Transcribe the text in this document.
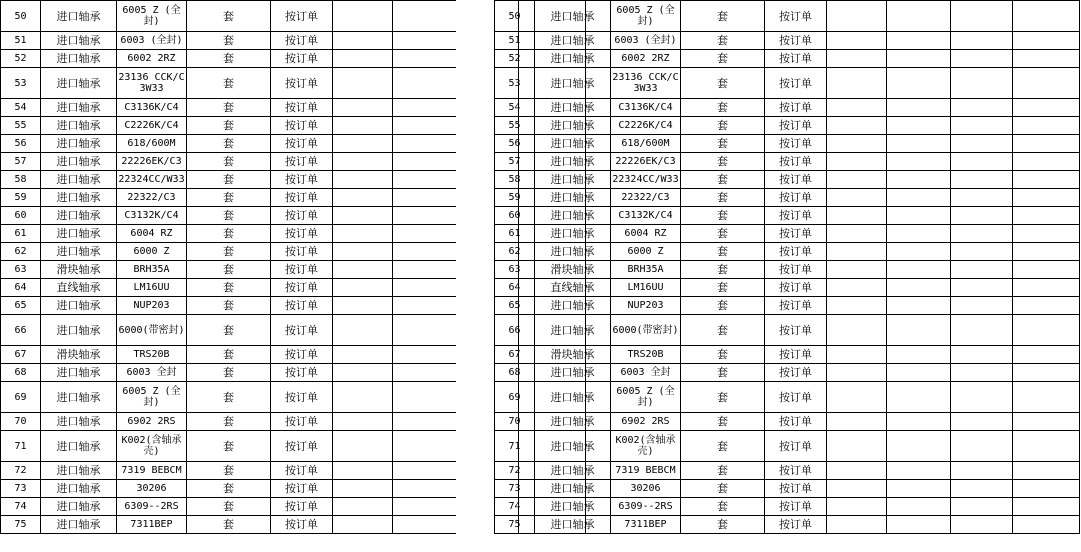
50	进口轴承	6005 Z (全封)	套	按订单				
51	进口轴承	6003 (全封)	套	按订单				
52	进口轴承	6002 2RZ	套	按订单				
53	进口轴承	23136 CCK/C3W33	套	按订单				
54	进口轴承	C3136K/C4	套	按订单				
55	进口轴承	C2226K/C4	套	按订单				
56	进口轴承	618/600M	套	按订单				
57	进口轴承	22226EK/C3	套	按订单				
58	进口轴承	22324CC/W33	套	按订单				
59	进口轴承	22322/C3	套	按订单				
60	进口轴承	C3132K/C4	套	按订单				
61	进口轴承	6004 RZ	套	按订单				
62	进口轴承	6000 Z	套	按订单				
63	滑块轴承	BRH35A	套	按订单				
64	直线轴承	LM16UU	套	按订单				
65	进口轴承	NUP203	套	按订单				
66	进口轴承	6000(带密封)	套	按订单				
67	滑块轴承	TRS20B	套	按订单				
68	进口轴承	6003 全封	套	按订单				
69	进口轴承	6005 Z (全封)	套	按订单				
70	进口轴承	6902 2RS	套	按订单				
71	进口轴承	K002(含轴承壳)	套	按订单				
72	进口轴承	7319 BEBCM	套	按订单				
73	进口轴承	30206	套	按订单				
74	进口轴承	6309--2RS	套	按订单				
75	进口轴承	7311BEP	套	按订单				
50	进口轴承	6005 Z (全封)	套	按订单				
51	进口轴承	6003 (全封)	套	按订单				
52	进口轴承	6002 2RZ	套	按订单				
53	进口轴承	23136 CCK/C3W33	套	按订单				
54	进口轴承	C3136K/C4	套	按订单				
55	进口轴承	C2226K/C4	套	按订单				
56	进口轴承	618/600M	套	按订单				
57	进口轴承	22226EK/C3	套	按订单				
58	进口轴承	22324CC/W33	套	按订单				
59	进口轴承	22322/C3	套	按订单				
60	进口轴承	C3132K/C4	套	按订单				
61	进口轴承	6004 RZ	套	按订单				
62	进口轴承	6000 Z	套	按订单				
63	滑块轴承	BRH35A	套	按订单				
64	直线轴承	LM16UU	套	按订单				
65	进口轴承	NUP203	套	按订单				
66	进口轴承	6000(带密封)	套	按订单				
67	滑块轴承	TRS20B	套	按订单				
68	进口轴承	6003 全封	套	按订单				
69	进口轴承	6005 Z (全封)	套	按订单				
70	进口轴承	6902 2RS	套	按订单				
71	进口轴承	K002(含轴承壳)	套	按订单				
72	进口轴承	7319 BEBCM	套	按订单				
73	进口轴承	30206	套	按订单				
74	进口轴承	6309--2RS	套	按订单				
75	进口轴承	7311BEP	套	按订单				
